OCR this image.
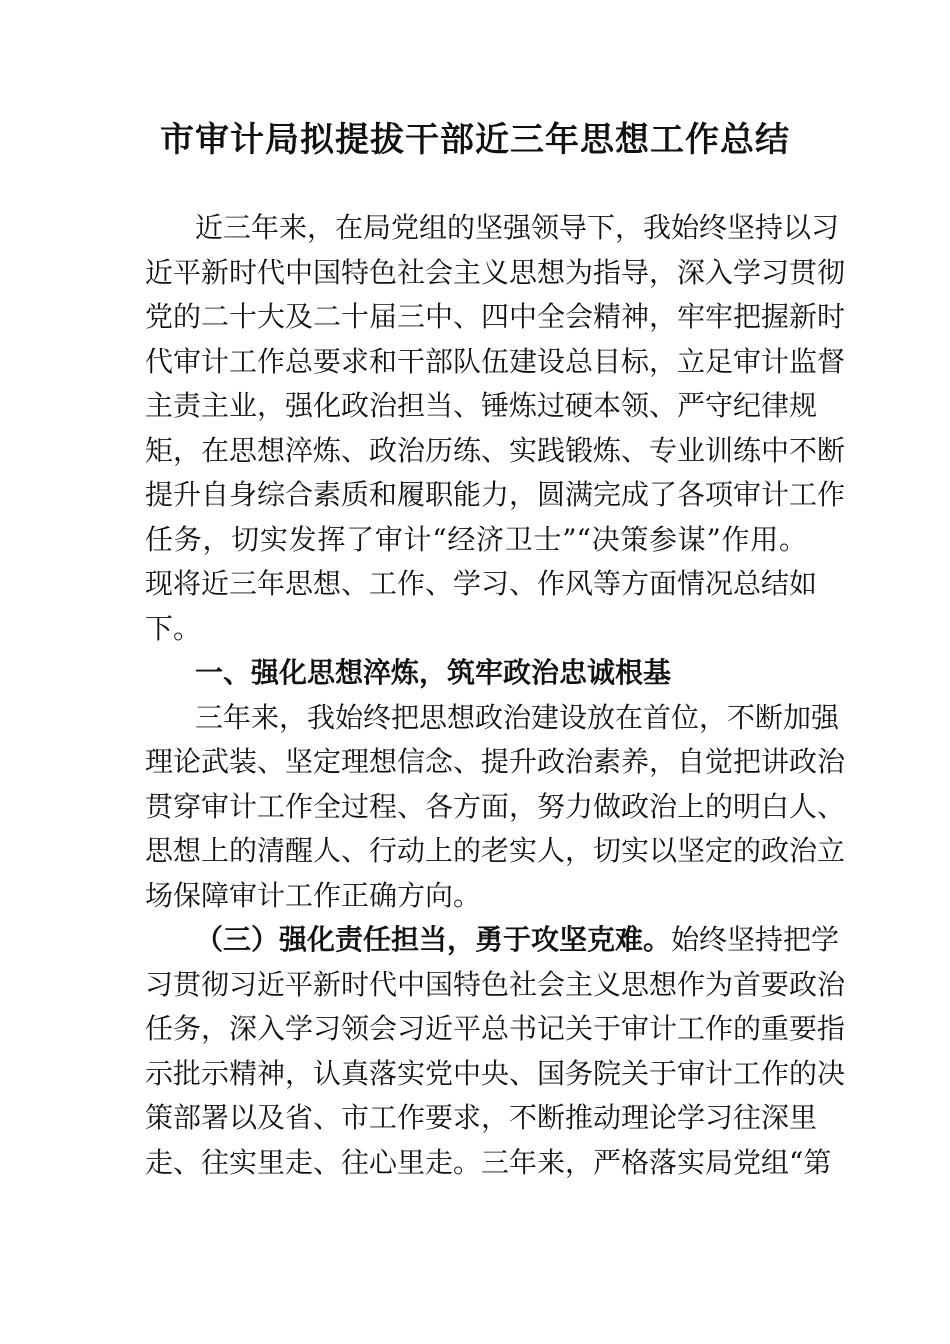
市审计局拟提拔干部近三年思想工作总结
近三年来，在局党组的坚强领导下，我始终坚持以习
近平新时代中国特色社会主义思想为指导，深入学习贯彻
党的二十大及二十届三中、四中全会精神，牢牢把握新时
代审计工作总要求和干部队伍建设总目标，立足审计监督
主责主业，强化政治担当、锤炼过硬本领、严守纪律规
矩，在思想淬炼、政治历练、实践锻炼、专业训练中不断
提升自身综合素质和履职能力，圆满完成了各项审计工作
任务，切实发挥了审计“经济卫士”“决策参谋”作用。
现将近三年思想、工作、学习、作风等方面情况总结如
下。
一、强化思想淬炼，筑牢政治忠诚根基
三年来，我始终把思想政治建设放在首位，不断加强
理论武装、坚定理想信念、提升政治素养，自觉把讲政治
贯穿审计工作全过程、各方面，努力做政治上的明白人、
思想上的清醒人、行动上的老实人，切实以坚定的政治立
场保障审计工作正确方向。
（三）强化责任担当，勇于攻坚克难。始终坚持把学
习贯彻习近平新时代中国特色社会主义思想作为首要政治
任务，深入学习领会习近平总书记关于审计工作的重要指
示批示精神，认真落实党中央、国务院关于审计工作的决
策部署以及省、市工作要求，不断推动理论学习往深里
走、往实里走、往心里走。三年来，严格落实局党组“第
